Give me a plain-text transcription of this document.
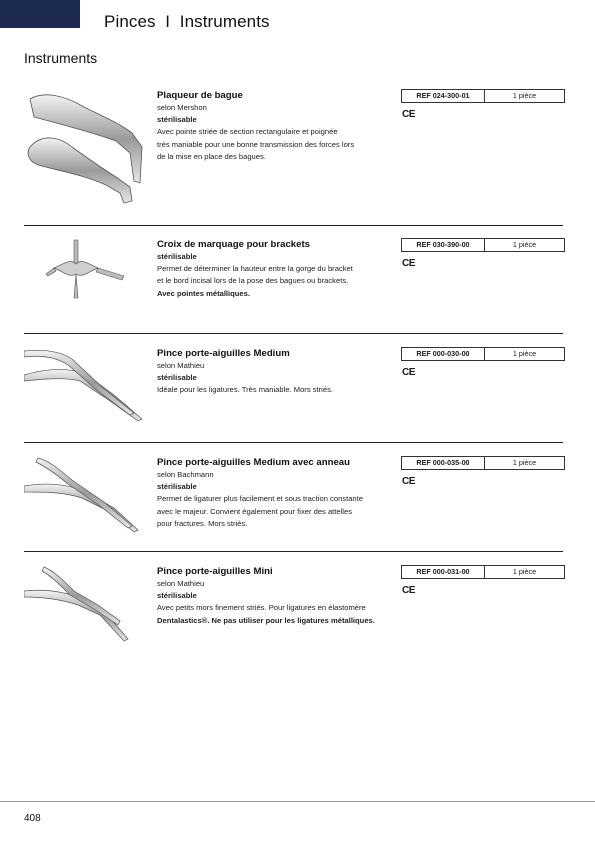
Pinces  I  Instruments
Instruments
Plaqueur de bague
selon Mershon
stérilisable
Avec pointe striée de section rectangulaire et poignée
très maniable pour une bonne transmission des forces lors
de la mise en place des bagues.
REF 024-300-01	1 pièce
CE
Croix de marquage pour brackets
stérilisable
Permet de déterminer la hauteur entre la gorge du bracket
et le bord incisal lors de la pose des bagues ou brackets.
Avec pointes métalliques.
REF 030-390-00	1 pièce
CE
Pince porte-aiguilles Medium
selon Mathieu
stérilisable
Idéale pour les ligatures. Très maniable. Mors striés.
REF 000-030-00	1 pièce
CE
Pince porte-aiguilles Medium avec anneau
selon Bachmann
stérilisable
Permet de ligaturer plus facilement et sous traction constante
avec le majeur. Convient également pour fixer des attelles
pour fractures. Mors striés.
REF 000-035-00	1 pièce
CE
Pince porte-aiguilles Mini
selon Mathieu
stérilisable
Avec petits mors finement striés. Pour ligatures en élastomère
Dentalastics®. Ne pas utiliser pour les ligatures métalliques.
REF 000-031-00	1 pièce
CE
408
